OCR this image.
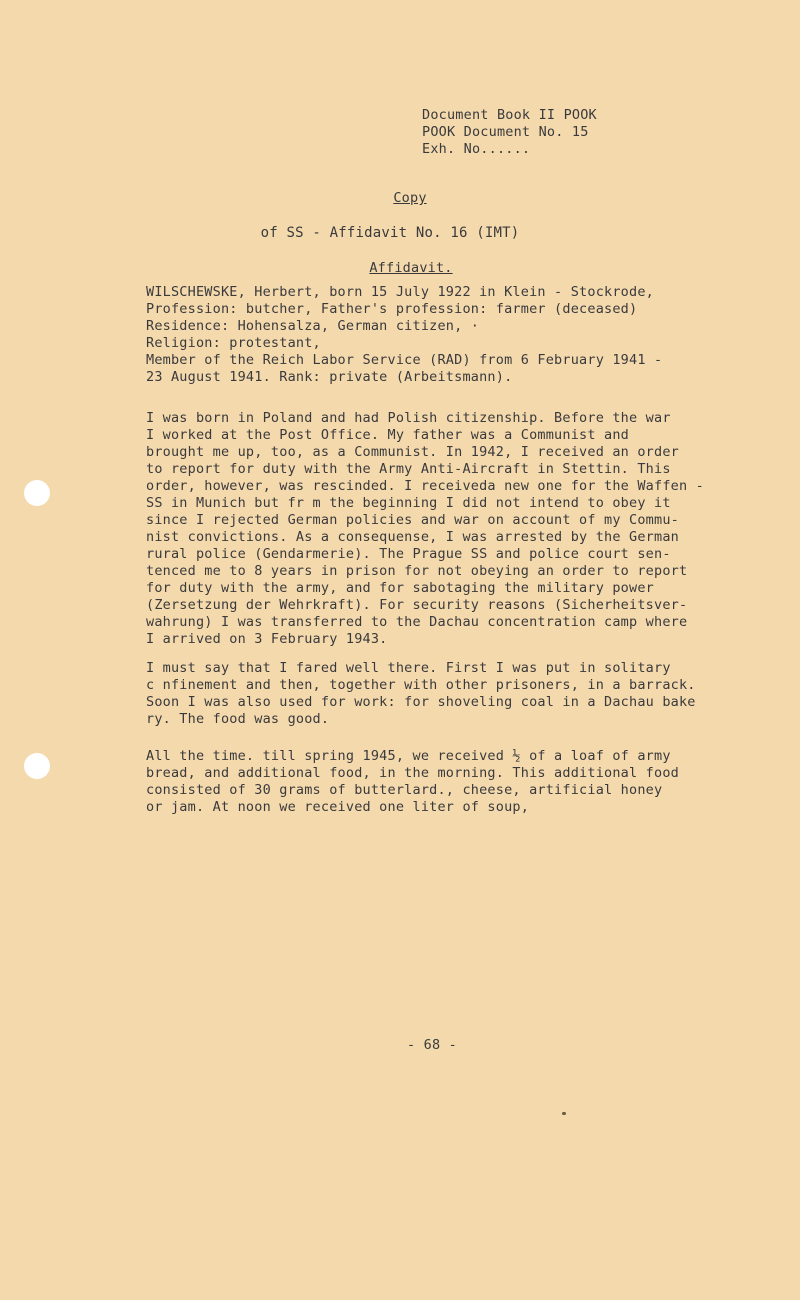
Document Book II POOK
POOK Document No. 15
Exh. No......
Copy
of SS - Affidavit No. 16 (IMT)
Affidavit.
WILSCHEWSKE, Herbert, born 15 July 1922 in Klein - Stockrode,
Profession: butcher, Father's profession: farmer (deceased)
Residence: Hohensalza, German citizen, ·
Religion: protestant,
Member of the Reich Labor Service (RAD) from 6 February 1941 -
23 August 1941. Rank: private (Arbeitsmann).
I was born in Poland and had Polish citizenship. Before the war
I worked at the Post Office. My father was a Communist and
brought me up, too, as a Communist. In 1942, I received an order
to report for duty with the Army Anti-Aircraft in Stettin. This
order, however, was rescinded. I receiveda new one for the Waffen -
SS in Munich but fr m the beginning I did not intend to obey it
since I rejected German policies and war on account of my Commu-
nist convictions. As a consequense, I was arrested by the German
rural police (Gendarmerie). The Prague SS and police court sen-
tenced me to 8 years in prison for not obeying an order to report
for duty with the army, and for sabotaging the military power
(Zersetzung der Wehrkraft). For security reasons (Sicherheitsver-
wahrung) I was transferred to the Dachau concentration camp where
I arrived on 3 February 1943.
I must say that I fared well there. First I was put in solitary
c nfinement and then, together with other prisoners, in a barrack.
Soon I was also used for work: for shoveling coal in a Dachau bake
ry. The food was good.
All the time. till spring 1945, we received ½ of a loaf of army
bread, and additional food, in the morning. This additional food
consisted of 30 grams of butterlard., cheese, artificial honey
or jam. At noon we received one liter of soup,
- 68 -
